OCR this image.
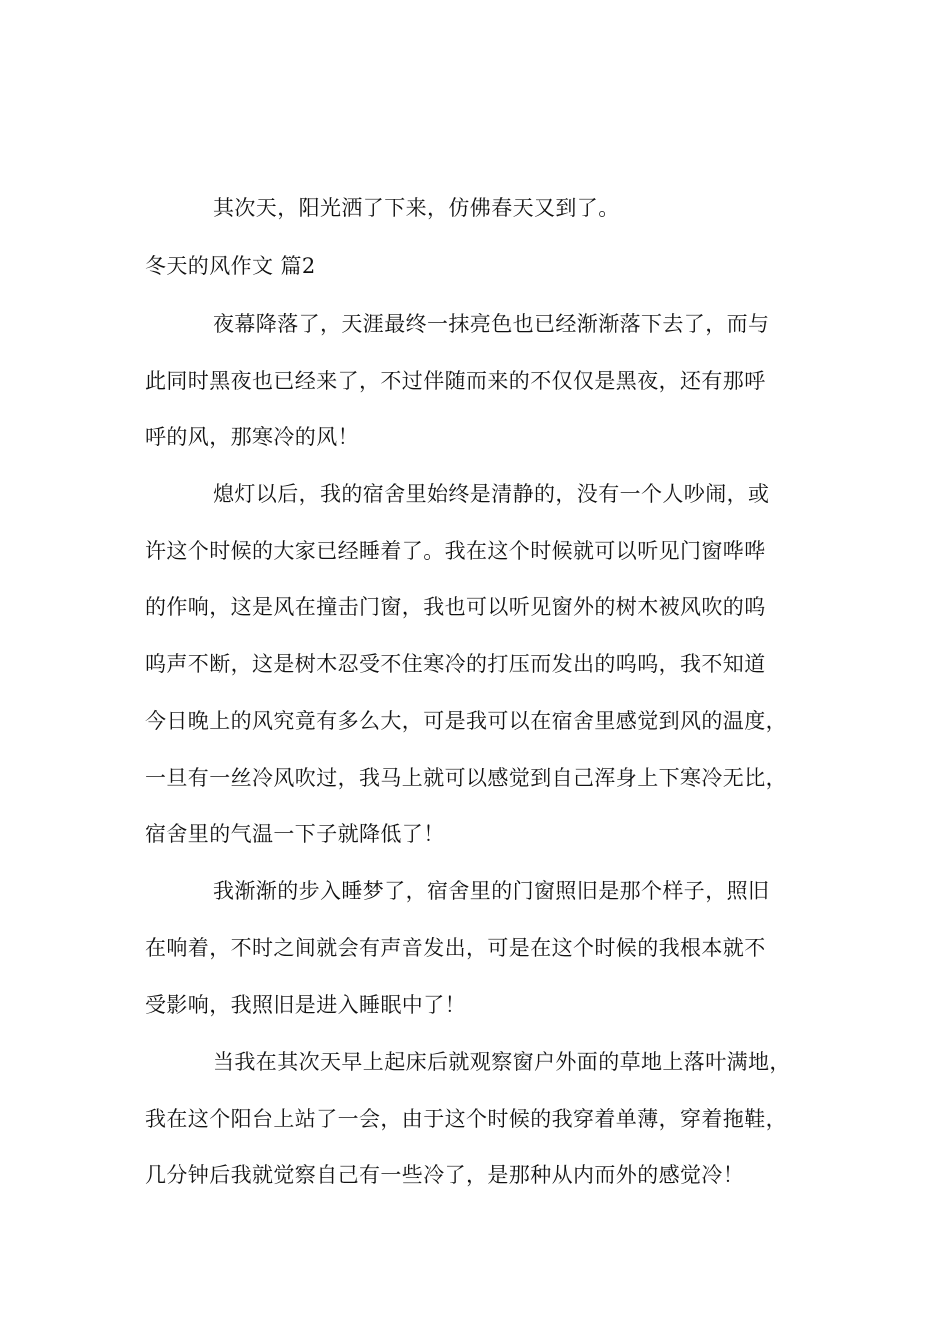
其次天，阳光洒了下来，仿佛春天又到了。
冬天的风作文 篇2
夜幕降落了，天涯最终一抹亮色也已经渐渐落下去了，而与
此同时黑夜也已经来了，不过伴随而来的不仅仅是黑夜，还有那呼
呼的风，那寒冷的风！
熄灯以后，我的宿舍里始终是清静的，没有一个人吵闹，或
许这个时候的大家已经睡着了。我在这个时候就可以听见门窗哗哗
的作响，这是风在撞击门窗，我也可以听见窗外的树木被风吹的呜
呜声不断，这是树木忍受不住寒冷的打压而发出的呜呜，我不知道
今日晚上的风究竟有多么大，可是我可以在宿舍里感觉到风的温度，
一旦有一丝冷风吹过，我马上就可以感觉到自己浑身上下寒冷无比，
宿舍里的气温一下子就降低了！
我渐渐的步入睡梦了，宿舍里的门窗照旧是那个样子，照旧
在响着，不时之间就会有声音发出，可是在这个时候的我根本就不
受影响，我照旧是进入睡眠中了！
当我在其次天早上起床后就观察窗户外面的草地上落叶满地，
我在这个阳台上站了一会，由于这个时候的我穿着单薄，穿着拖鞋，
几分钟后我就觉察自己有一些冷了，是那种从内而外的感觉冷！
